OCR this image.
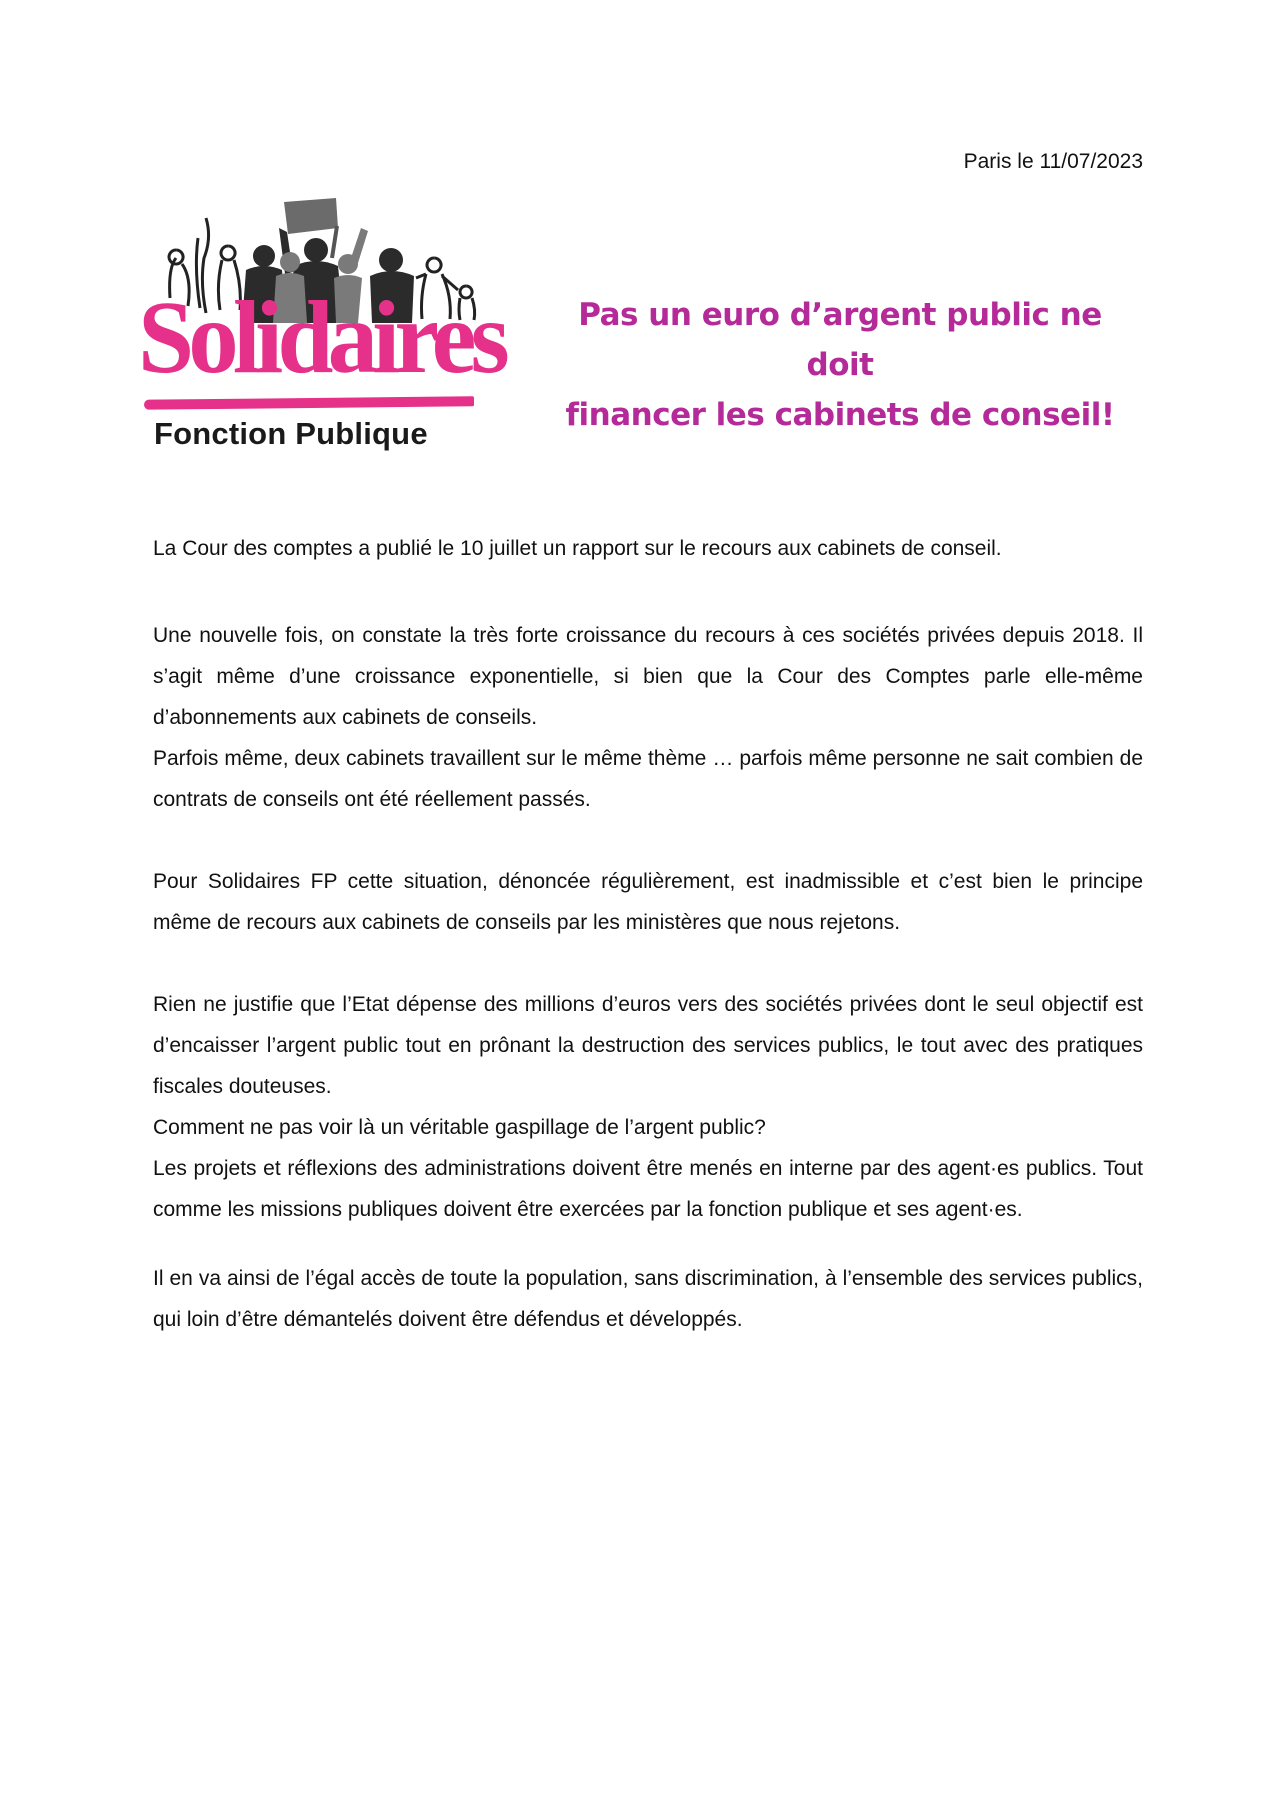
Paris le 11/07/2023
Solidaires
Fonction Publique
Pas un euro d’argent public ne doit
financer les cabinets de conseil!

La Cour des comptes a publié le 10 juillet un rapport sur le recours aux cabinets de conseil.

Une nouvelle fois, on constate la très forte croissance du recours à ces sociétés privées depuis 2018. Il s’agit même d’une croissance exponentielle, si bien que la Cour des Comptes parle elle-même d’abonnements aux cabinets de conseils.

Parfois même, deux cabinets travaillent sur le même thème … parfois même personne ne sait combien de contrats de conseils ont été réellement passés.

Pour Solidaires FP cette situation, dénoncée régulièrement, est inadmissible et c’est bien le principe même de recours aux cabinets de conseils par les ministères que nous rejetons.

Rien ne justifie que l’Etat dépense des millions d’euros vers des sociétés privées dont le seul objectif est d’encaisser l’argent public tout en prônant la destruction des services publics, le tout avec des pratiques fiscales douteuses.

Comment ne pas voir là un véritable gaspillage de l’argent public?

Les projets et réflexions des administrations doivent être menés en interne par des agent·es publics. Tout comme les missions publiques doivent être exercées par la fonction publique et ses agent·es.

Il en va ainsi de l’égal accès de toute la population, sans discrimination, à l’ensemble des services publics, qui loin d’être démantelés doivent être défendus et développés.
